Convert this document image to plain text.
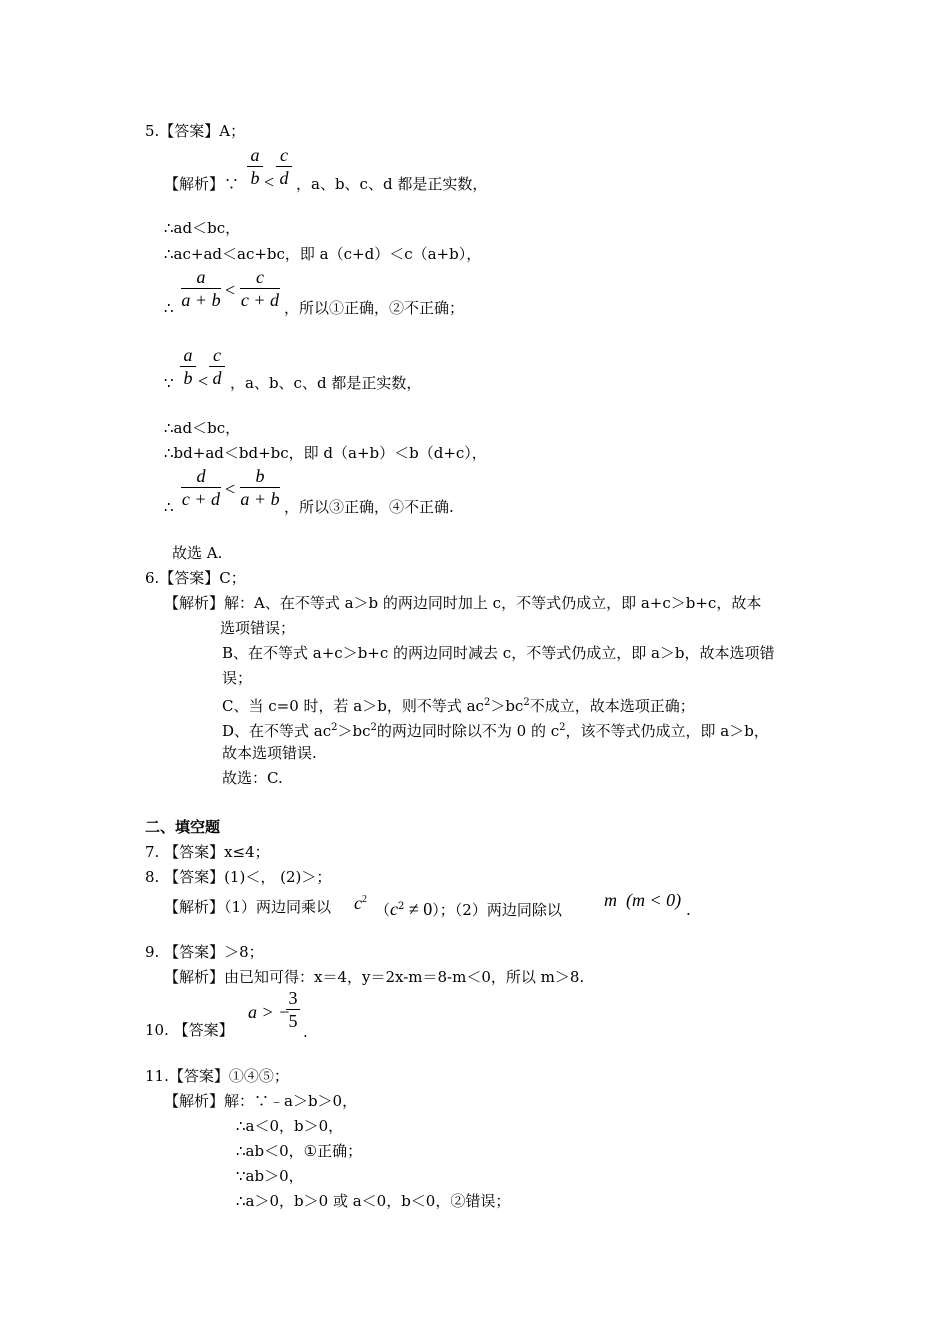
5.【答案】A；
【解析】∵
a
b <
c
d ，a、b、c、d 都是正实数，
∴ad＜bc，
∴ac+ad＜ac+bc，即 a（c+d）＜c（a+b），
∴
a
a + b <
c
c + d ，所以①正确，②不正确；
∵
a
b <
c
d ，a、b、c、d 都是正实数，
∴ad＜bc，
∴bd+ad＜bd+bc，即 d（a+b）＜b（d+c），
∴
d
c + d <
b
a + b ，所以③正确，④不正确.
故选 A.
6.【答案】C；
【解析】解：A、在不等式 a＞b 的两边同时加上 c，不等式仍成立，即 a+c＞b+c，故本
选项错误；
B、在不等式 a+c＞b+c 的两边同时减去 c，不等式仍成立，即 a＞b，故本选项错
误；
C、当 c=0 时，若 a＞b，则不等式 $ac^2>bc^2$不成立，故本选项正确；
D、在不等式 $ac^2>bc^2$的两边同时除以不为 0 的 $c^2$，该不等式仍成立，即 a＞b，
故本选项错误.
故选：C.
二、填空题
7. 【答案】x≤4；
8. 【答案】(1)＜， (2)＞；
【解析】（1）两边同乘以 $c^2$
$(c^2 \ne 0)$；（2）两边同除以 m (m < 0) .
9. 【答案】＞8；
【解析】由已知可得：x＝4，y＝2x-m＝8-m＜0，所以 m＞8.
10. 【答案】
a > −
3
5
.
11.【答案】①④⑤；
【解析】解：∵﹣a＞b＞0，
∴a＜0，b＞0，
∴ab＜0，①正确；
∵ab＞0，
∴a＞0，b＞0 或 a＜0，b＜0，②错误；
